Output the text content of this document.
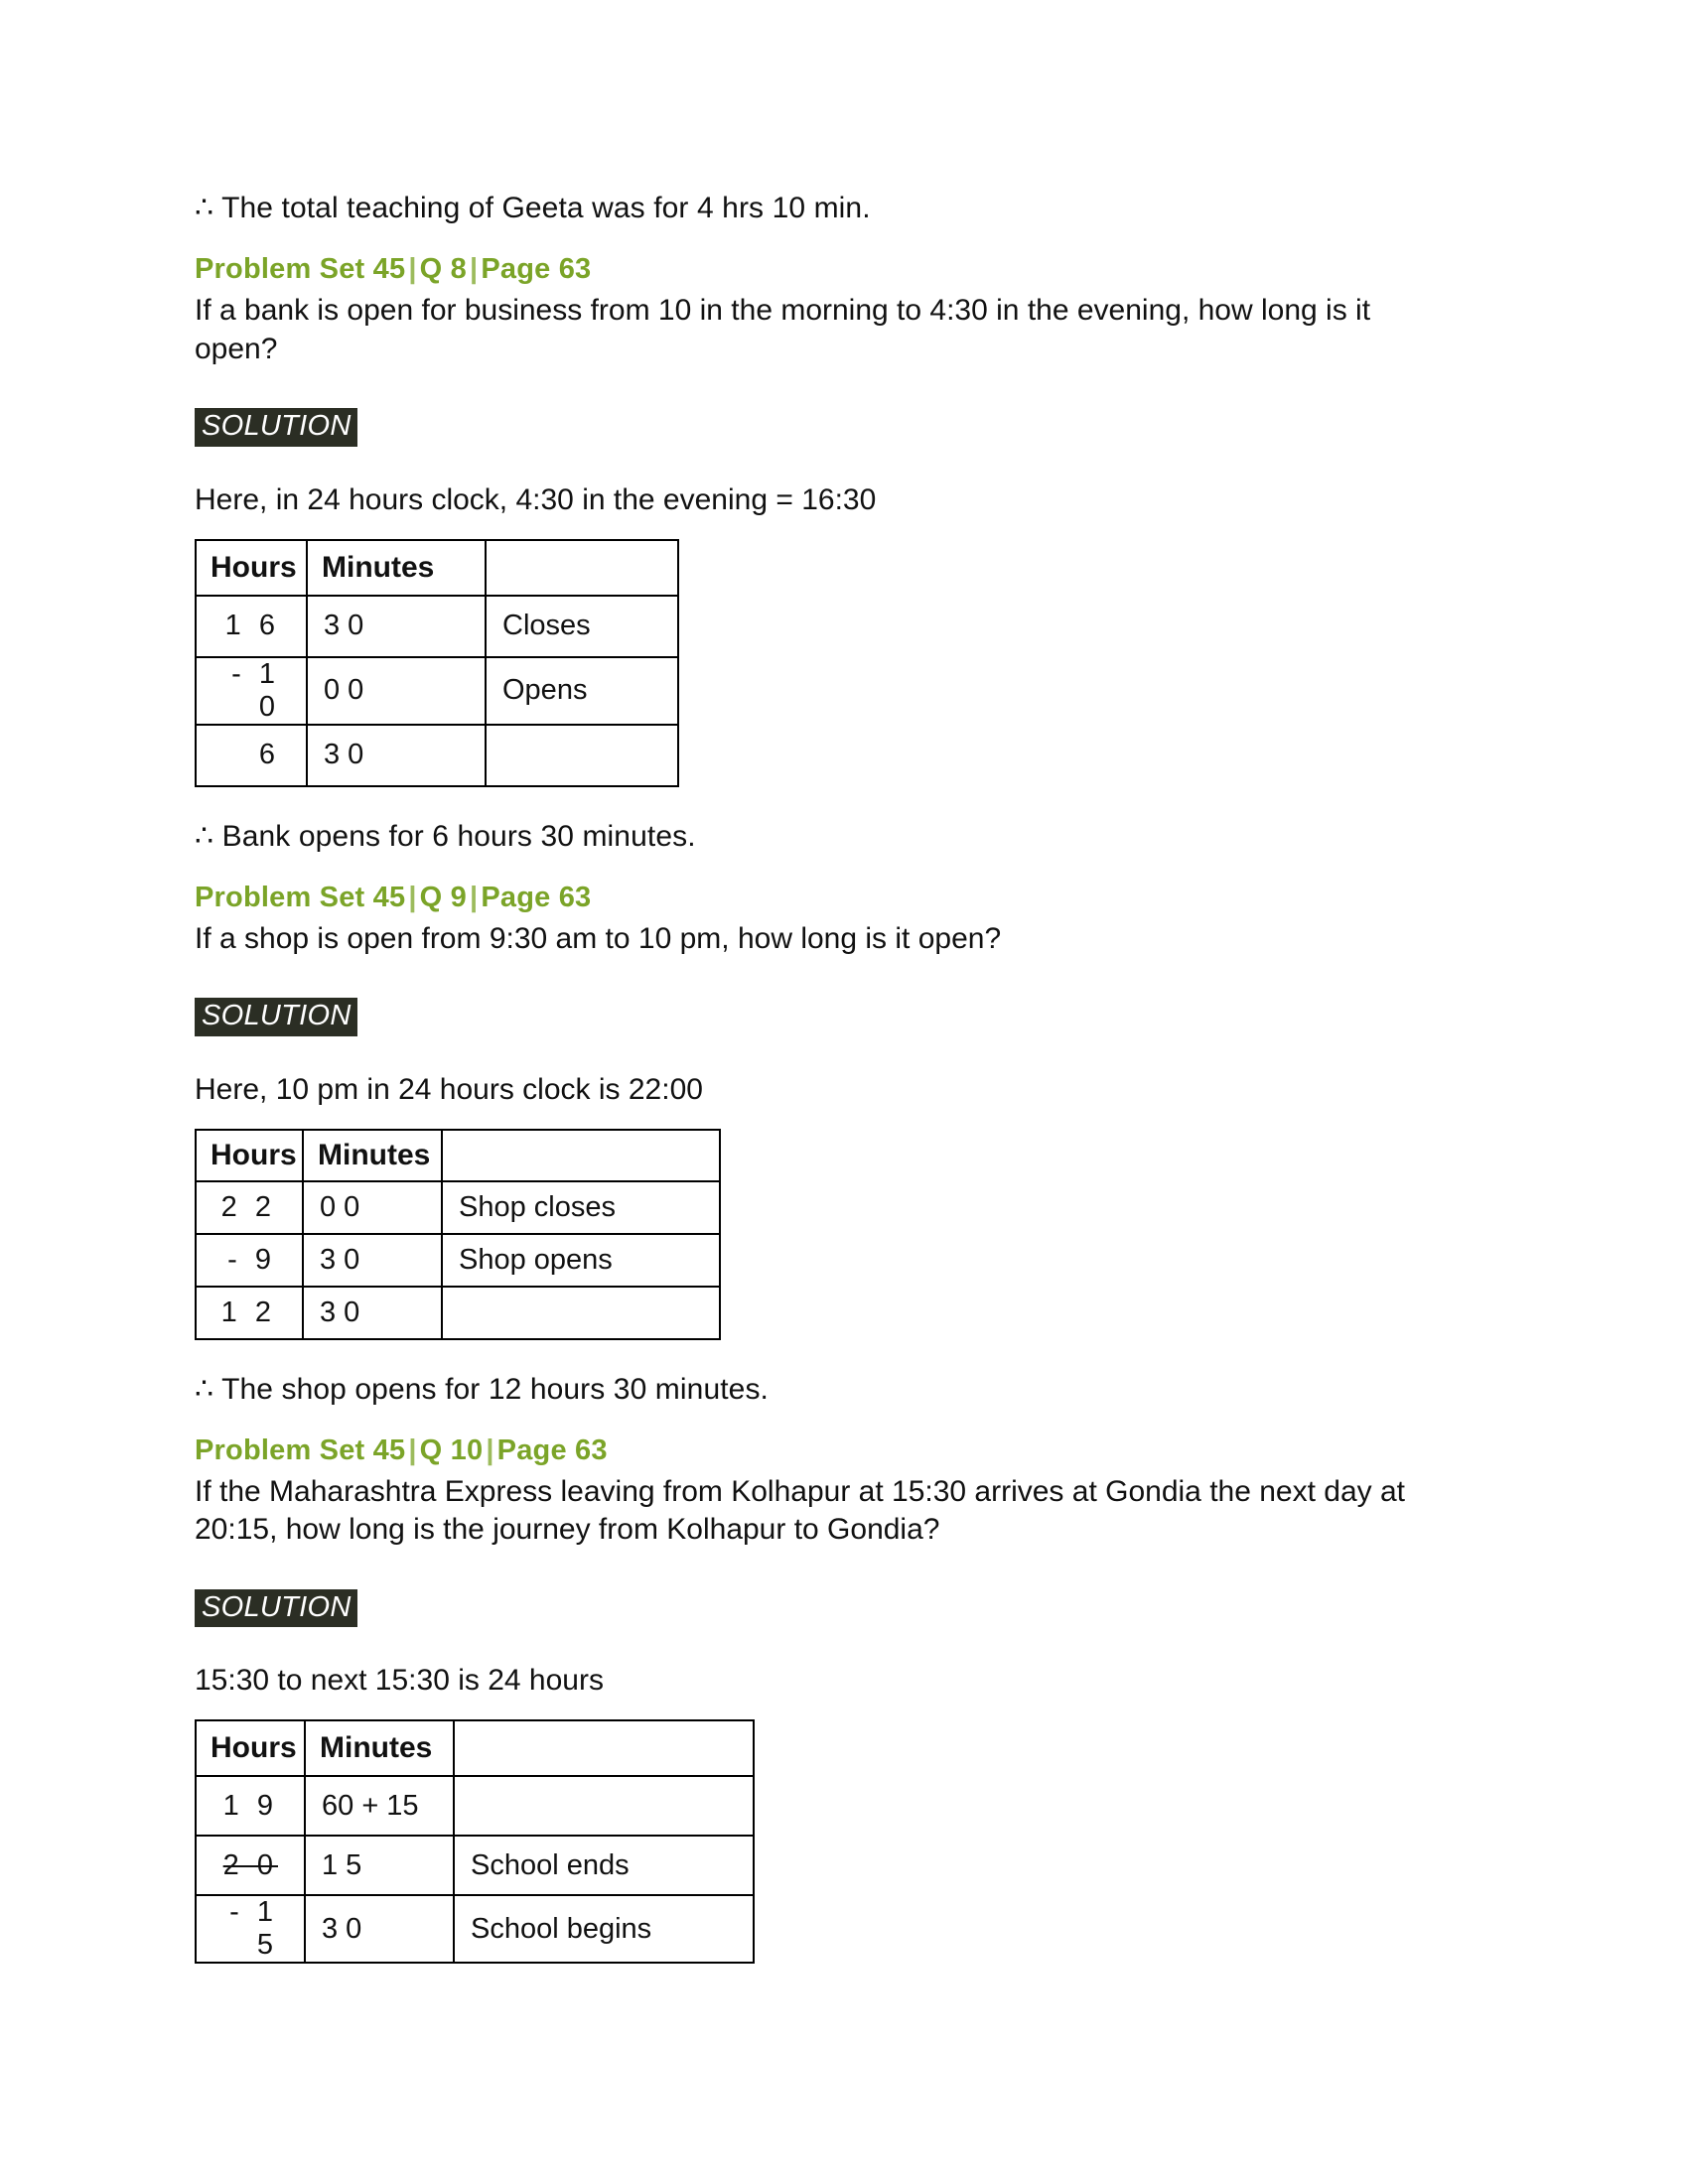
∴ The total teaching of Geeta was for 4 hrs 10 min.

Problem Set 45 | Q 8 | Page 63

If a bank is open for business from 10 in the morning to 4:30 in the evening, how long is it open?

SOLUTION

Here, in 24 hours clock, 4:30 in the evening = 16:30

Hours	Minutes	
1 6	3 0	Closes
- 1 0	0 0	Opens
6	3 0	

∴ Bank opens for 6 hours 30 minutes.

Problem Set 45 | Q 9 | Page 63

If a shop is open from 9:30 am to 10 pm, how long is it open?

SOLUTION

Here, 10 pm in 24 hours clock is 22:00

Hours	Minutes	
2 2	0 0	Shop closes
- 9	3 0	Shop opens
1 2	3 0	

∴ The shop opens for 12 hours 30 minutes.

Problem Set 45 | Q 10 | Page 63

If the Maharashtra Express leaving from Kolhapur at 15:30 arrives at Gondia the next day at 20:15, how long is the journey from Kolhapur to Gondia?

SOLUTION

15:30 to next 15:30 is 24 hours

Hours	Minutes	
1 9	60 + 15	
2 0	1 5	School ends
- 1 5	3 0	School begins
